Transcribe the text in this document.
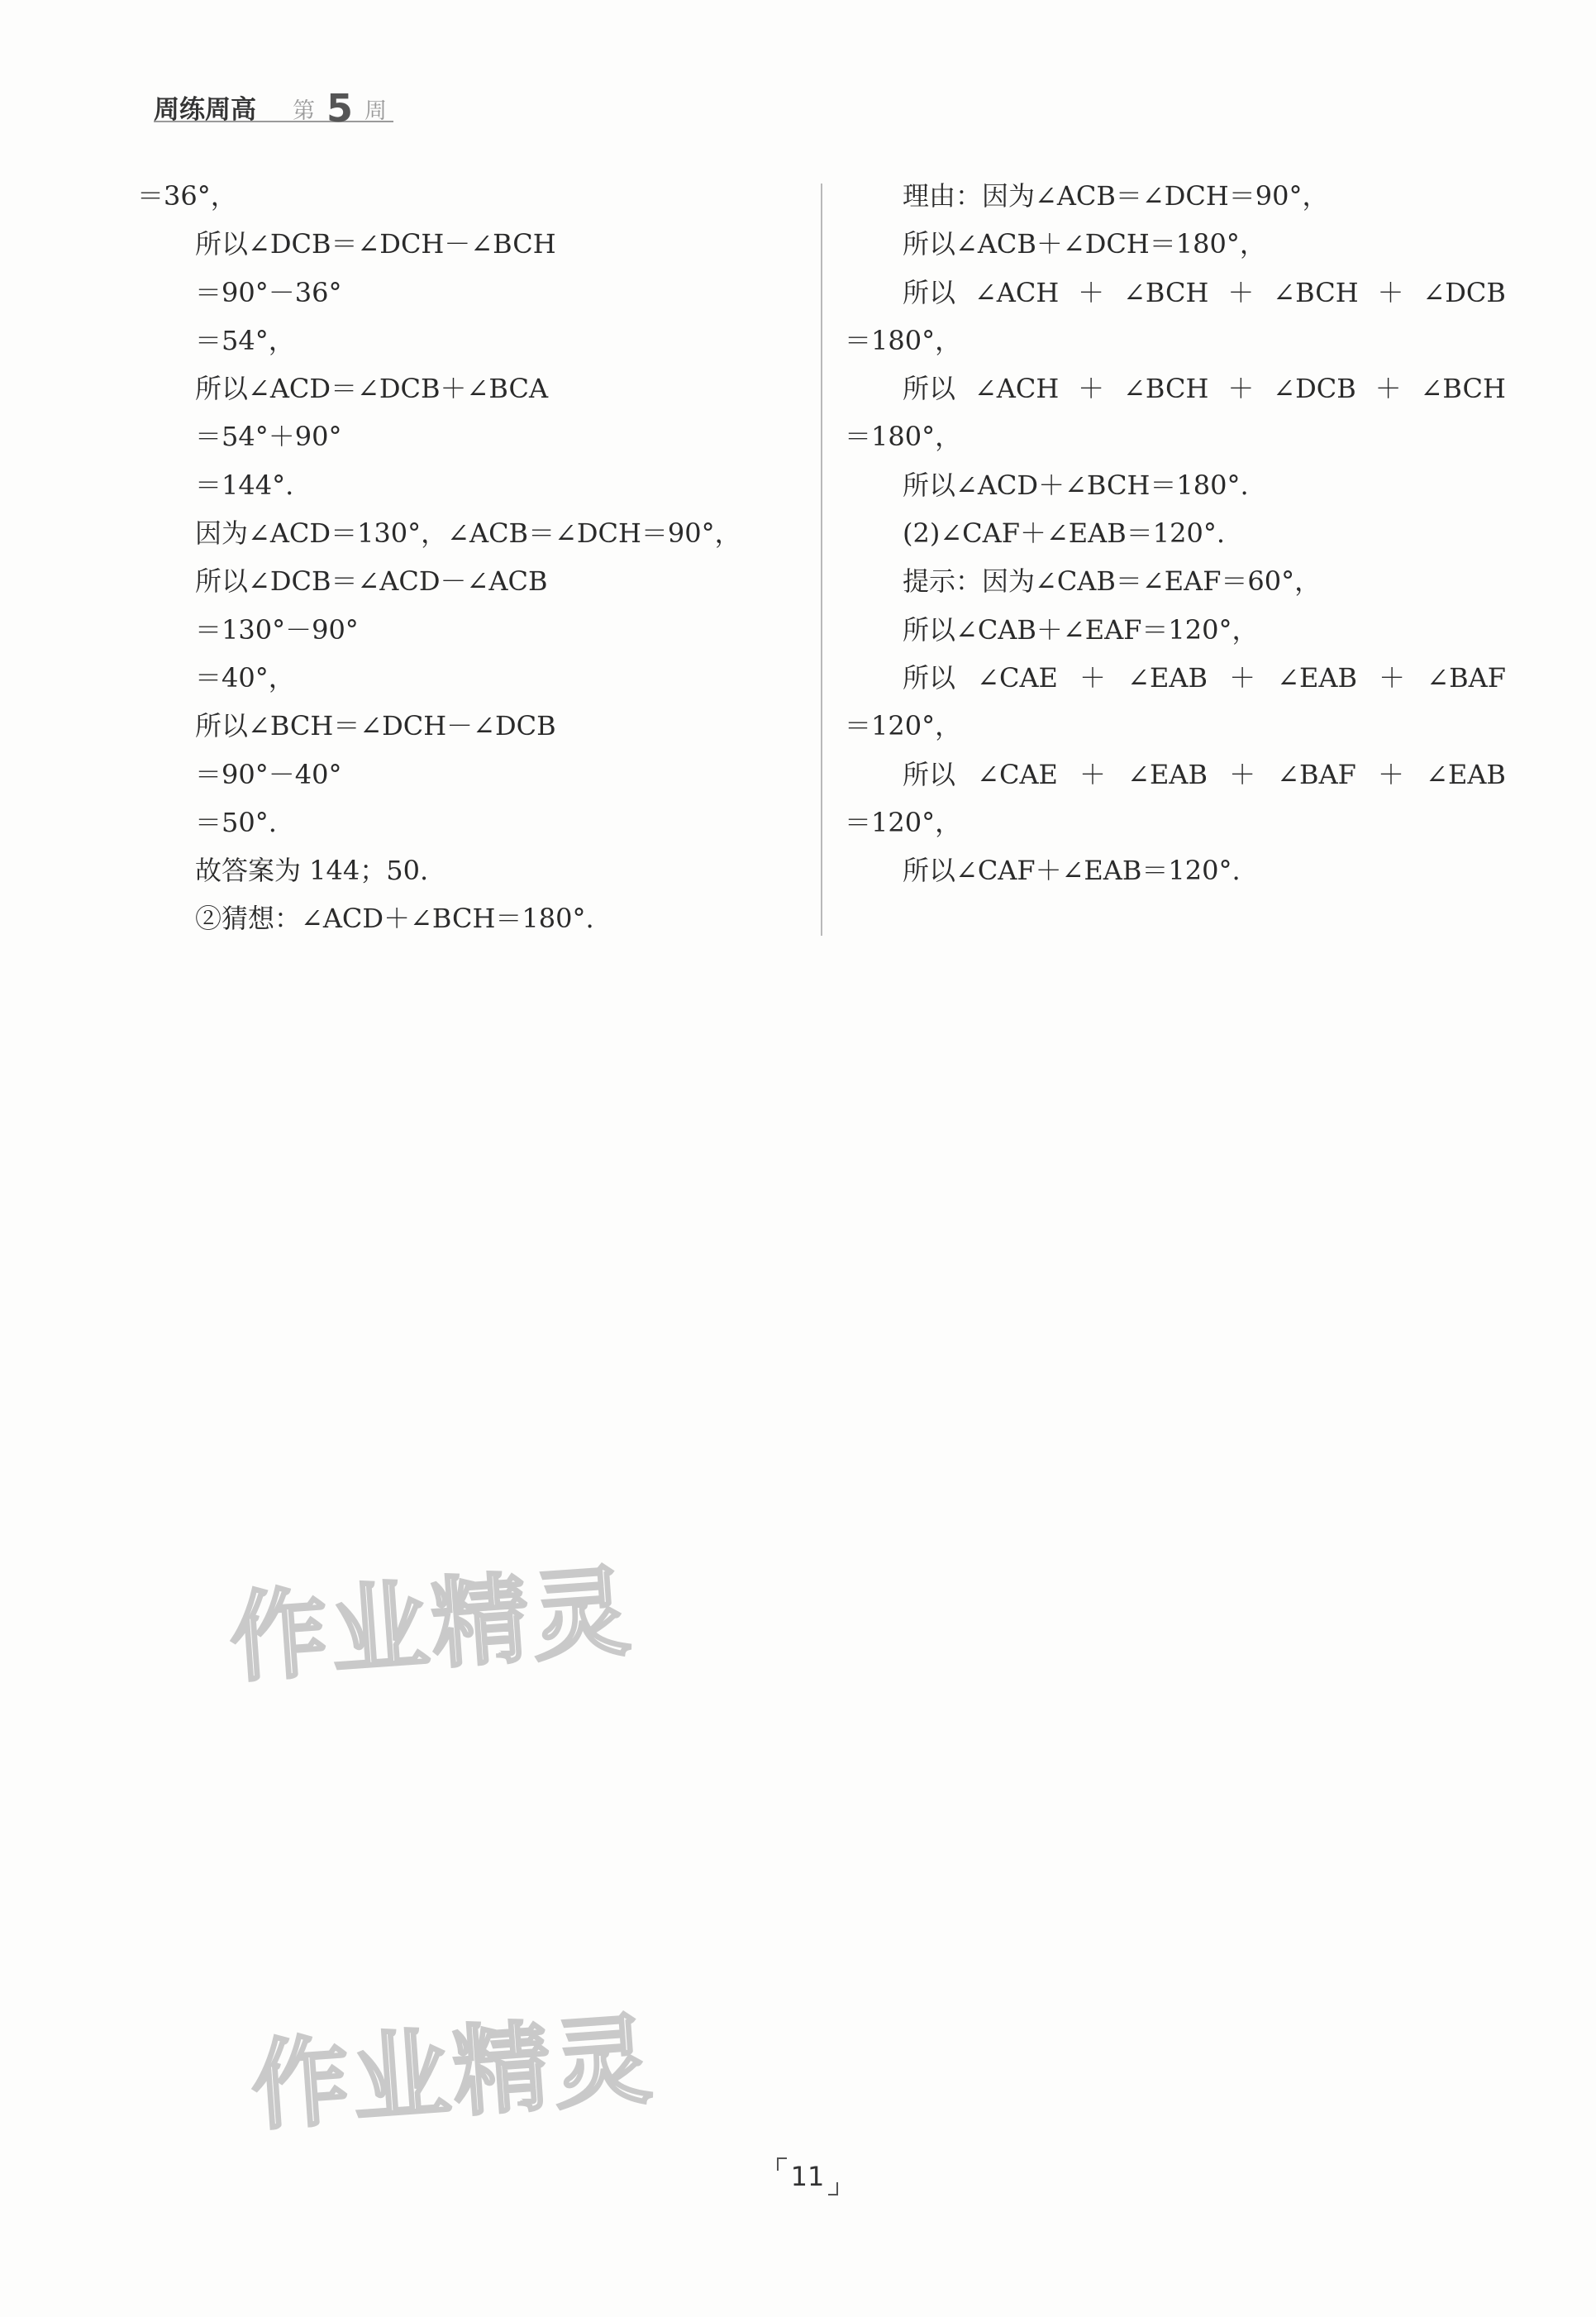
周练周高 第 5 周
＝36°，
所以∠DCB＝∠DCH－∠BCH
＝90°－36°
＝54°，
所以∠ACD＝∠DCB＋∠BCA
＝54°＋90°
＝144°.
因为∠ACD＝130°，∠ACB＝∠DCH＝90°，
所以∠DCB＝∠ACD－∠ACB
＝130°－90°
＝40°，
所以∠BCH＝∠DCH－∠DCB
＝90°－40°
＝50°.
故答案为 144；50.
②猜想：∠ACD＋∠BCH＝180°.
理由：因为∠ACB＝∠DCH＝90°，
所以∠ACB＋∠DCH＝180°，
所以 ∠ACH ＋ ∠BCH ＋ ∠BCH ＋ ∠DCB
＝180°，
所以 ∠ACH ＋ ∠BCH ＋ ∠DCB ＋ ∠BCH
＝180°，
所以∠ACD＋∠BCH＝180°.
(2)∠CAF＋∠EAB＝120°.
提示：因为∠CAB＝∠EAF＝60°，
所以∠CAB＋∠EAF＝120°，
所以 ∠CAE ＋ ∠EAB ＋ ∠EAB ＋ ∠BAF
＝120°，
所以 ∠CAE ＋ ∠EAB ＋ ∠BAF ＋ ∠EAB
＝120°，
所以∠CAF＋∠EAB＝120°.
作业精灵
作业精灵
11
